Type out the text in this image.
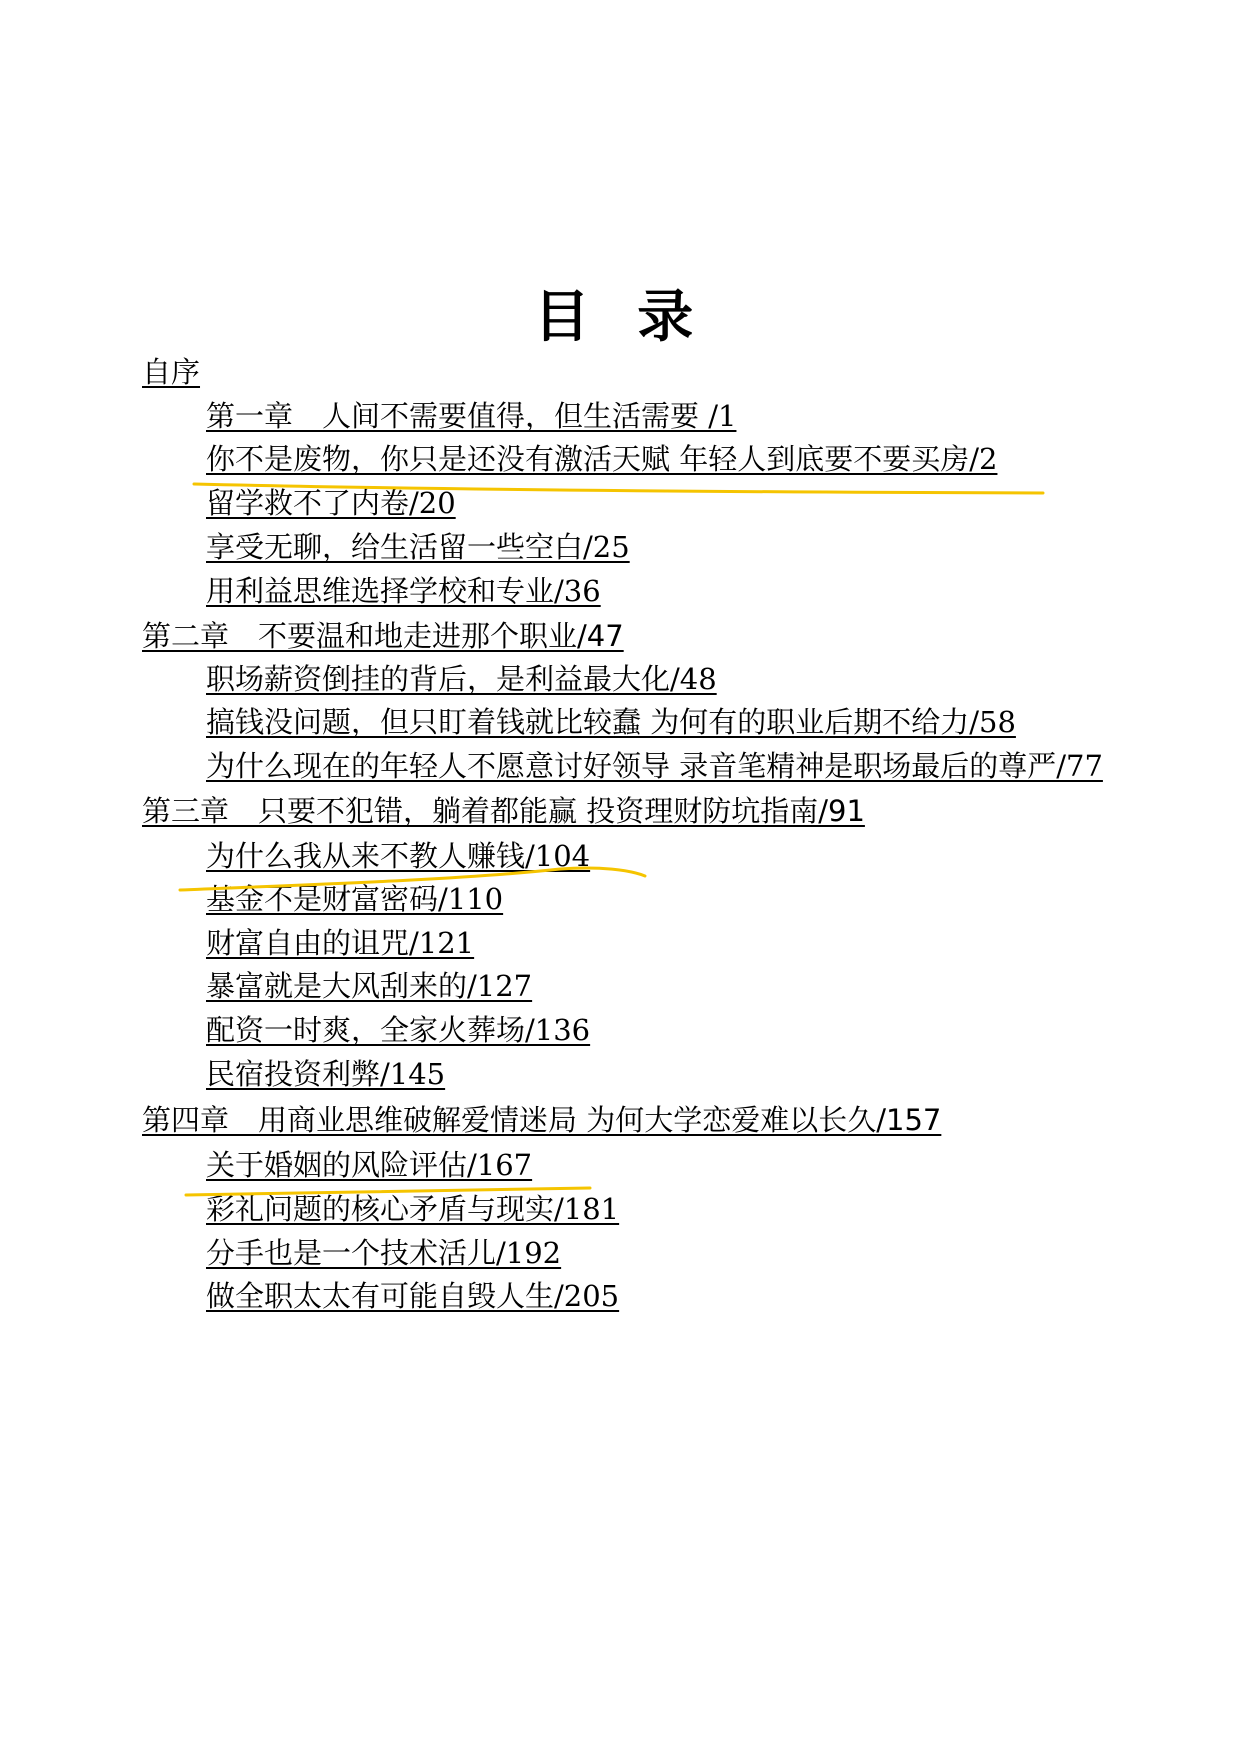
目 录
自序
第一章　人间不需要值得，但生活需要 /1
你不是废物，你只是还没有激活天赋 年轻人到底要不要买房/2
留学救不了内卷/20
享受无聊，给生活留一些空白/25
用利益思维选择学校和专业/36
第二章　不要温和地走进那个职业/47
职场薪资倒挂的背后，是利益最大化/48
搞钱没问题，但只盯着钱就比较蠢 为何有的职业后期不给力/58
为什么现在的年轻人不愿意讨好领导 录音笔精神是职场最后的尊严/77
第三章　只要不犯错，躺着都能赢 投资理财防坑指南/91
为什么我从来不教人赚钱/104
基金不是财富密码/110
财富自由的诅咒/121
暴富就是大风刮来的/127
配资一时爽，全家火葬场/136
民宿投资利弊/145
第四章　用商业思维破解爱情迷局 为何大学恋爱难以长久/157
关于婚姻的风险评估/167
彩礼问题的核心矛盾与现实/181
分手也是一个技术活儿/192
做全职太太有可能自毁人生/205
